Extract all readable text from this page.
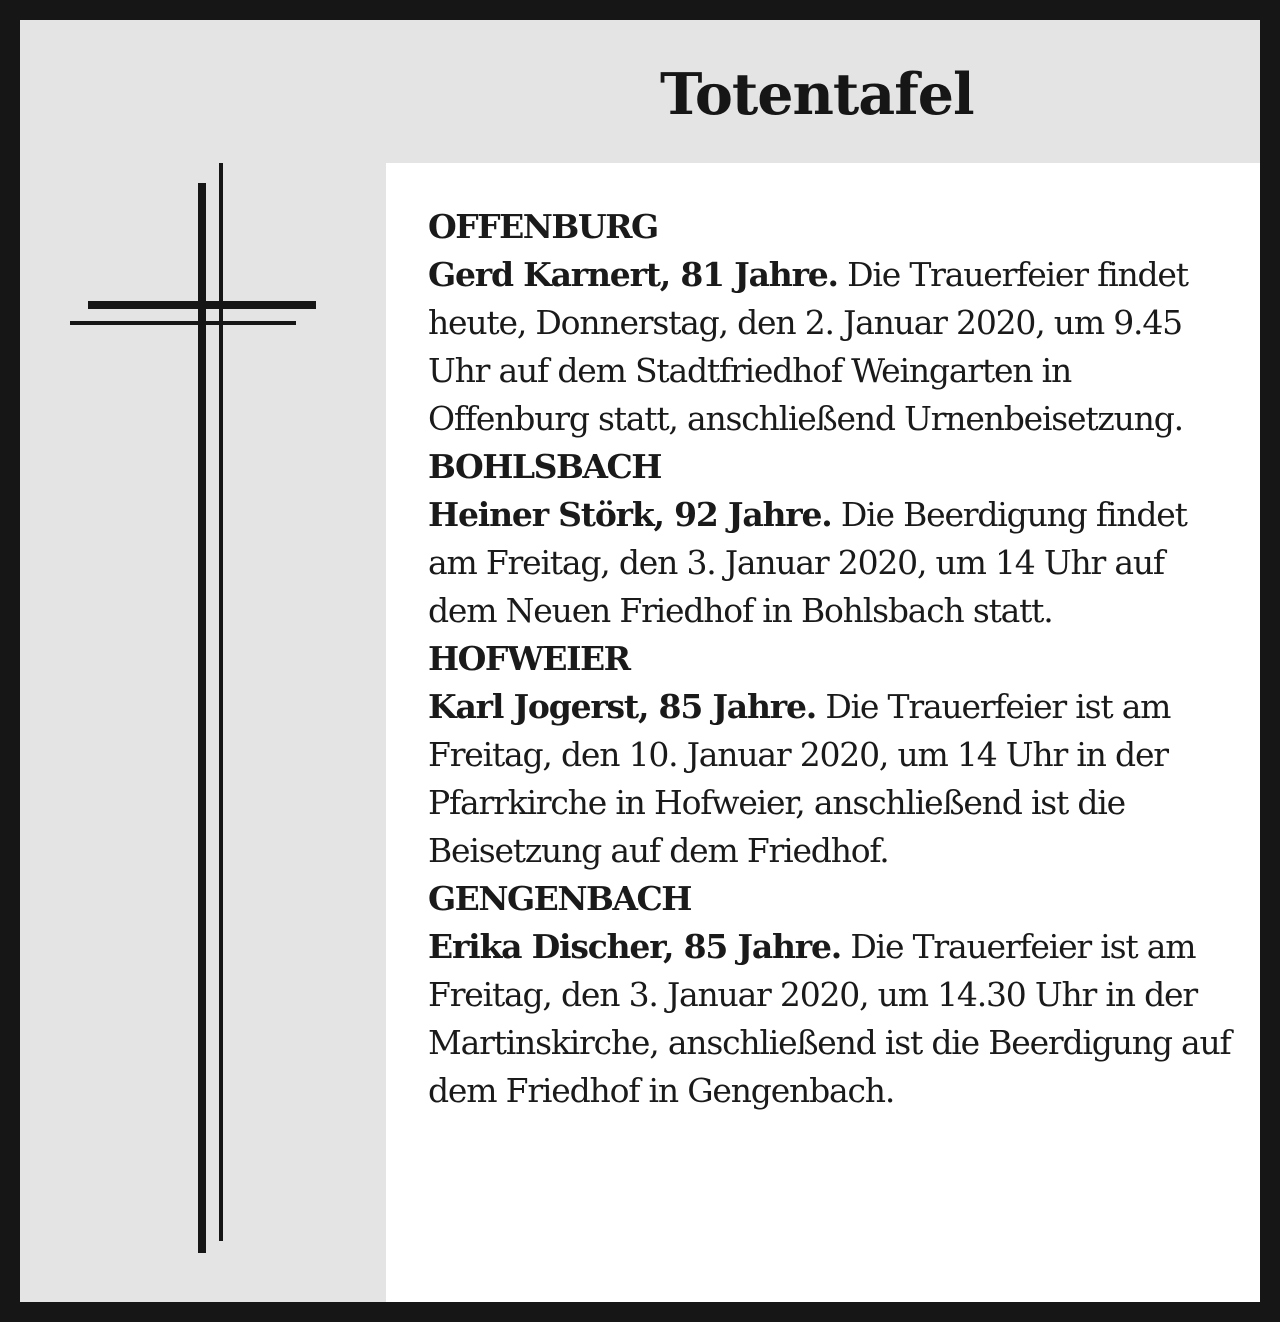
Totentafel
OFFENBURG

Gerd Karnert, 81 Jahre. Die Trauerfeier findet heute, Donnerstag, den 2. Januar 2020, um 9.45 Uhr auf dem Stadtfriedhof Weingarten in Offenburg statt, anschließend Urnenbeisetzung.

BOHLSBACH

Heiner Störk, 92 Jahre. Die Beerdigung findet am Freitag, den 3. Januar 2020, um 14 Uhr auf dem Neuen Friedhof in Bohlsbach statt.

HOFWEIER

Karl Jogerst, 85 Jahre. Die Trauerfeier ist am Freitag, den 10. Januar 2020, um 14 Uhr in der Pfarrkirche in Hofweier, anschließend ist die Beisetzung auf dem Friedhof.

GENGENBACH

Erika Discher, 85 Jahre. Die Trauerfeier ist am Freitag, den 3. Januar 2020, um 14.30 Uhr in der Martinskirche, anschließend ist die Beerdigung auf dem Friedhof in Gengenbach.
